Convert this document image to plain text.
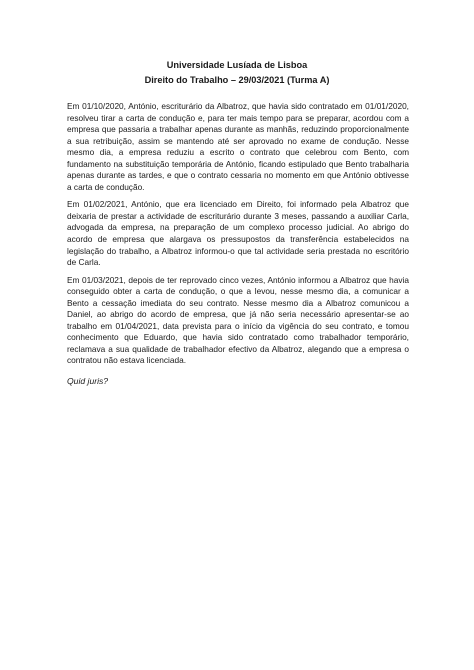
Universidade Lusíada de Lisboa
Direito do Trabalho – 29/03/2021 (Turma A)

Em 01/10/2020, António, escriturário da Albatroz, que havia sido contratado em 01/01/2020, resolveu tirar a carta de condução e, para ter mais tempo para se preparar, acordou com a empresa que passaria a trabalhar apenas durante as manhãs, reduzindo proporcionalmente a sua retribuição, assim se mantendo até ser aprovado no exame de condução. Nesse mesmo dia, a empresa reduziu a escrito o contrato que celebrou com Bento, com fundamento na substituição temporária de António, ficando estipulado que Bento trabalharia apenas durante as tardes, e que o contrato cessaria no momento em que António obtivesse a carta de condução.

Em 01/02/2021, António, que era licenciado em Direito, foi informado pela Albatroz que deixaria de prestar a actividade de escriturário durante 3 meses, passando a auxiliar Carla, advogada da empresa, na preparação de um complexo processo judicial. Ao abrigo do acordo de empresa que alargava os pressupostos da transferência estabelecidos na legislação do trabalho, a Albatroz informou-o que tal actividade seria prestada no escritório de Carla.

Em 01/03/2021, depois de ter reprovado cinco vezes, António informou a Albatroz que havia conseguido obter a carta de condução, o que a levou, nesse mesmo dia, a comunicar a Bento a cessação imediata do seu contrato. Nesse mesmo dia a Albatroz comunicou a Daniel, ao abrigo do acordo de empresa, que já não seria necessário apresentar-se ao trabalho em 01/04/2021, data prevista para o início da vigência do seu contrato, e tomou conhecimento que Eduardo, que havia sido contratado como trabalhador temporário, reclamava a sua qualidade de trabalhador efectivo da Albatroz, alegando que a empresa o contratou não estava licenciada.

Quid juris?
